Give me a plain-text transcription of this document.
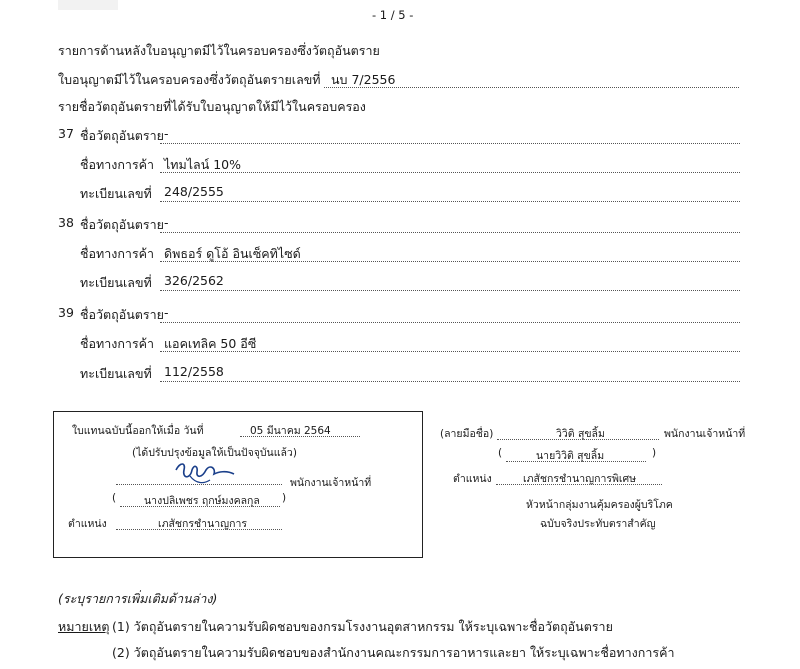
- 1 / 5 -
รายการด้านหลังใบอนุญาตมีไว้ในครอบครองซึ่งวัตถุอันตราย
ใบอนุญาตมีไว้ในครอบครองซึ่งวัตถุอันตรายเลขที่ นบ 7/2556
รายชื่อวัตถุอันตรายที่ได้รับใบอนุญาตให้มีไว้ในครอบครอง
37 ชื่อวัตถุอันตราย -
ชื่อทางการค้า ไทมไลน์ 10%
ทะเบียนเลขที่ 248/2555
38 ชื่อวัตถุอันตราย -
ชื่อทางการค้า ดิพธอร์ ดูโอ้ อินเซ็คทิไซด์
ทะเบียนเลขที่ 326/2562
39 ชื่อวัตถุอันตราย -
ชื่อทางการค้า แอคเทลิค 50 อีซี
ทะเบียนเลขที่ 112/2558
ใบแทนฉบับนี้ออกให้เมื่อ วันที่	05 มีนาคม 2564
(ได้ปรับปรุงข้อมูลให้เป็นปัจจุบันแล้ว)
พนักงานเจ้าหน้าที่
(	นางปลิเพชร ฤกษ์มงคลกุล )
ตำแหน่ง	เภสัชกรชำนาญการ
(ลายมือชื่อ)	วิวิติ สุขลิ้ม	พนักงานเจ้าหน้าที่
(	นายวิวิติ สุขลิ้ม	)
ตำแหน่ง	เภสัชกรชำนาญการพิเศษ
หัวหน้ากลุ่มงานคุ้มครองผู้บริโภค
ฉบับจริงประทับตราสำคัญ
(ระบุรายการเพิ่มเติมด้านล่าง)
หมายเหตุ (1) วัตถุอันตรายในความรับผิดชอบของกรมโรงงานอุตสาหกรรม ให้ระบุเฉพาะชื่อวัตถุอันตราย
(2) วัตถุอันตรายในความรับผิดชอบของสำนักงานคณะกรรมการอาหารและยา ให้ระบุเฉพาะชื่อทางการค้า
